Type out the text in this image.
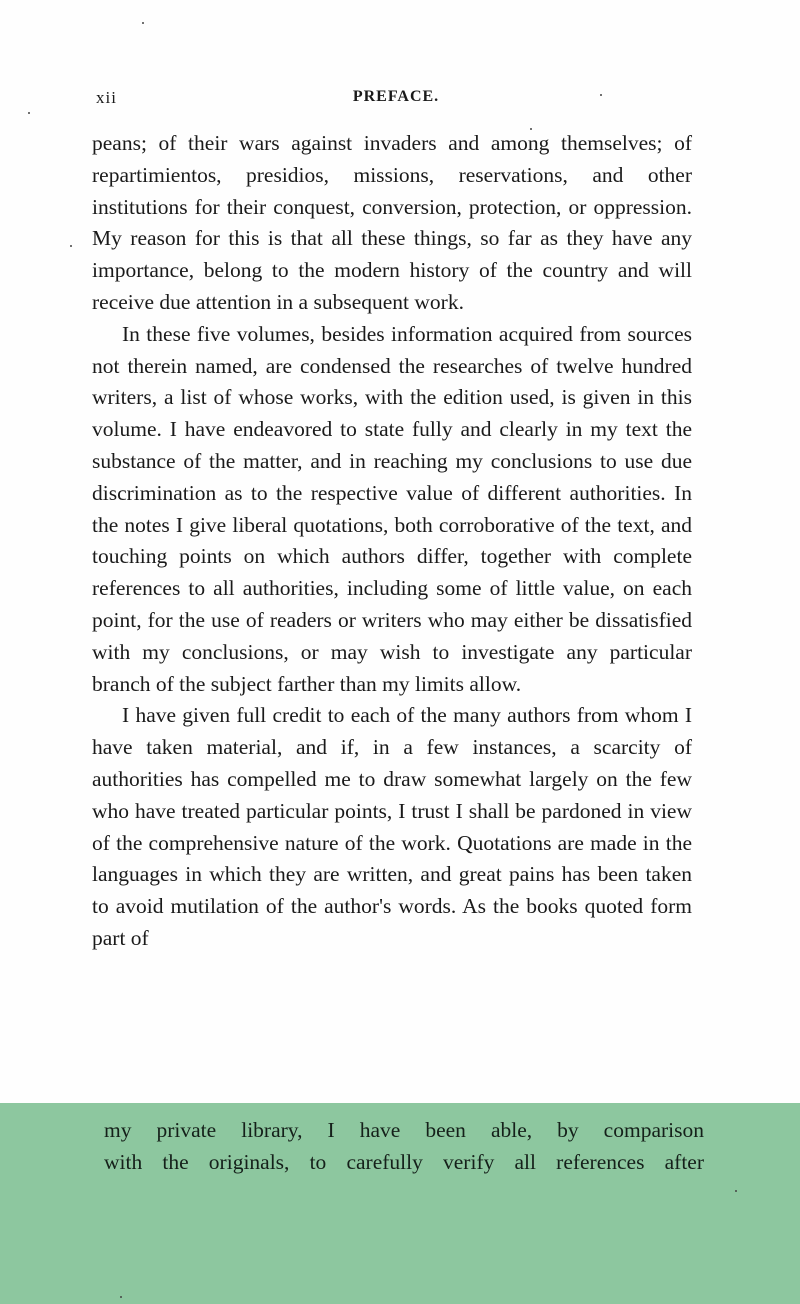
xii	PREFACE.

peans; of their wars against invaders and among themselves; of repartimientos, presidios, missions, reservations, and other institutions for their conquest, conversion, protection, or oppression. My reason for this is that all these things, so far as they have any importance, belong to the modern history of the country and will receive due attention in a subsequent work.

In these five volumes, besides information acquired from sources not therein named, are condensed the researches of twelve hundred writers, a list of whose works, with the edition used, is given in this volume. I have endeavored to state fully and clearly in my text the substance of the matter, and in reaching my conclusions to use due discrimination as to the respective value of different authorities. In the notes I give liberal quotations, both corroborative of the text, and touching points on which authors differ, together with complete references to all authorities, including some of little value, on each point, for the use of readers or writers who may either be dissatisfied with my conclusions, or may wish to investigate any particular branch of the subject farther than my limits allow.

I have given full credit to each of the many authors from whom I have taken material, and if, in a few instances, a scarcity of authorities has compelled me to draw somewhat largely on the few who have treated particular points, I trust I shall be pardoned in view of the comprehensive nature of the work. Quotations are made in the languages in which they are written, and great pains has been taken to avoid mutilation of the author's words. As the books quoted form part of

my private library, I have been able, by comparison
with the originals, to carefully verify all references after
